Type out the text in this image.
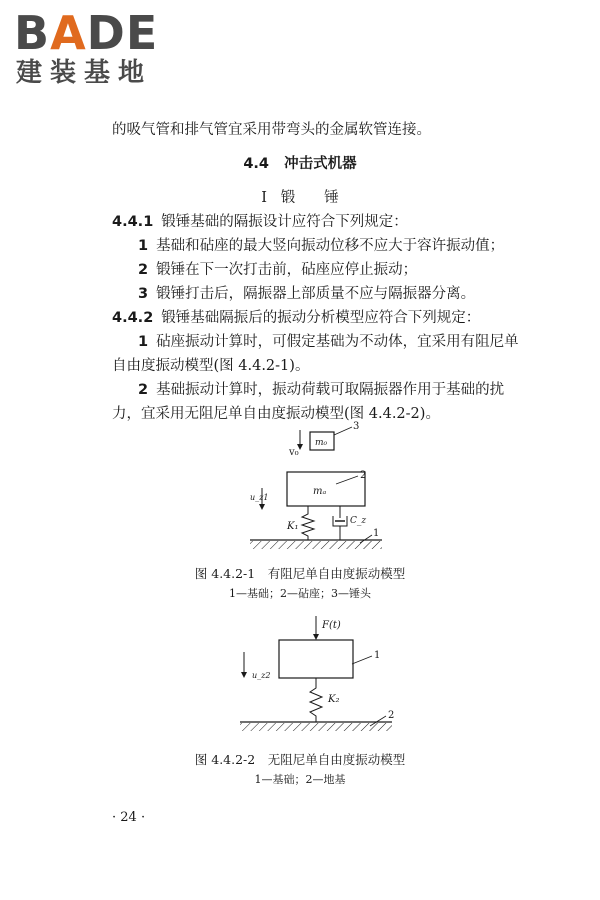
BADE
建装基地
的吸气管和排气管宜采用带弯头的金属软管连接。
4.4 冲击式机器
Ⅰ 锻　　锤
4.4.1 锻锤基础的隔振设计应符合下列规定：
1 基础和砧座的最大竖向振动位移不应大于容许振动值；
2 锻锤在下一次打击前，砧座应停止振动；
3 锻锤打击后，隔振器上部质量不应与隔振器分离。
4.4.2 锻锤基础隔振后的振动分析模型应符合下列规定：
1 砧座振动计算时，可假定基础为不动体，宜采用有阻尼单
自由度振动模型(图 4.4.2-1)。
2 基础振动计算时，振动荷载可取隔振器作用于基础的扰
力，宜采用无阻尼单自由度振动模型(图 4.4.2-2)。
v₀
m₀
3
mₐ
2
u_z1
K₁	C_z
1
图 4.4.2-1　有阻尼单自由度振动模型
1—基础；2—砧座；3—锤头
F(t)
1
u_z2
K₂
2
图 4.4.2-2　无阻尼单自由度振动模型
1—基础；2—地基
· 24 ·
